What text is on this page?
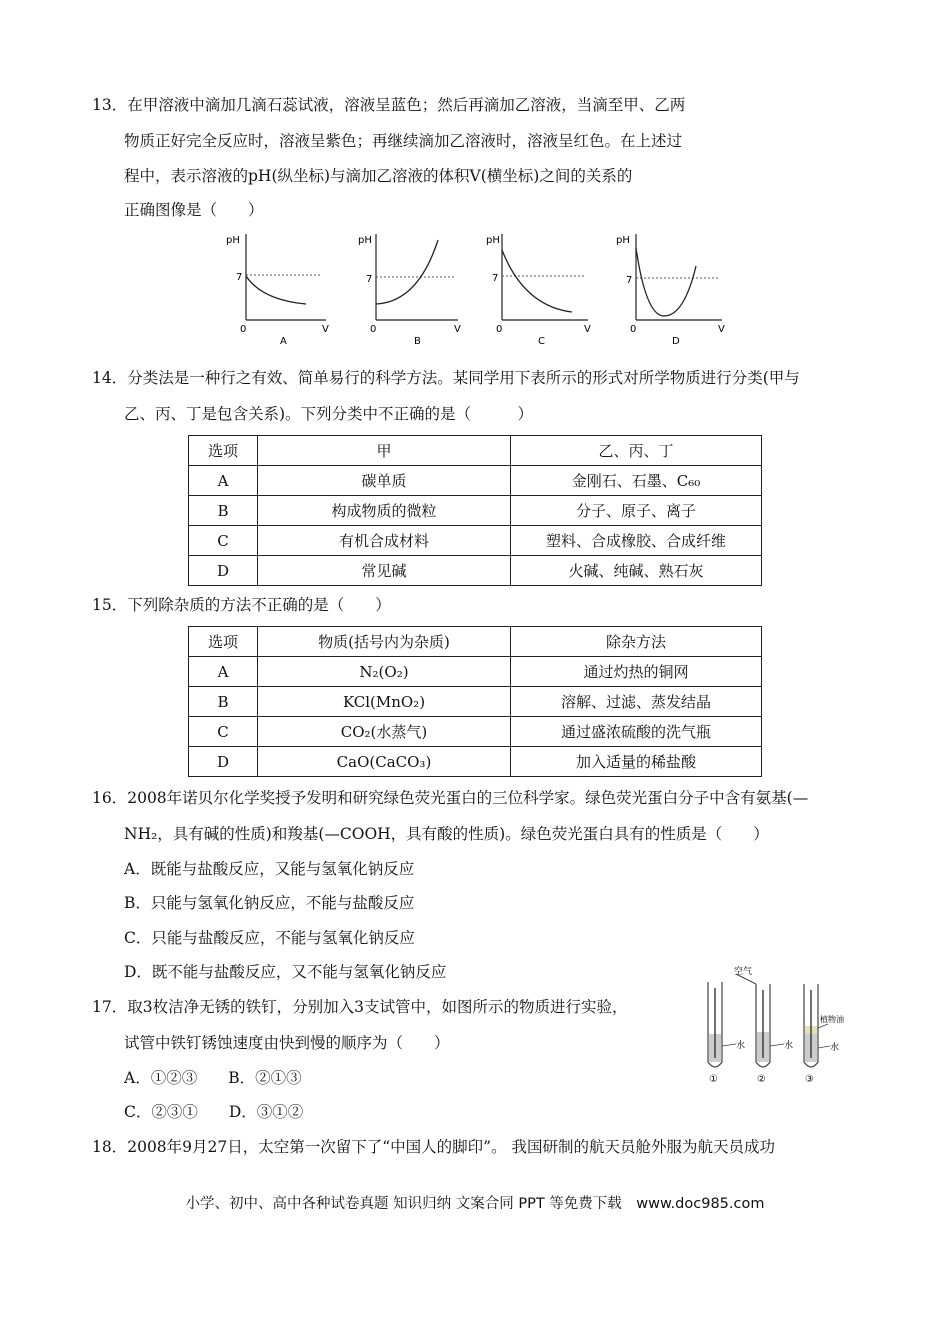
13．在甲溶液中滴加几滴石蕊试液，溶液呈蓝色；然后再滴加乙溶液，当滴至甲、乙两
物质正好完全反应时，溶液呈紫色；再继续滴加乙溶液时，溶液呈红色。在上述过
程中，表示溶液的pH(纵坐标)与滴加乙溶液的体积V(横坐标)之间的关系的
正确图像是（　　）
pH
7
0	V
A
pH
7
0	V
B
pH
7
0	V
C
pH
7
0	V
D
14．分类法是一种行之有效、简单易行的科学方法。某同学用下表所示的形式对所学物质进行分类(甲与
乙、丙、丁是包含关系)。下列分类中不正确的是（　　　）
选项	甲	乙、丙、丁
A	碳单质	金刚石、石墨、C₆₀
B	构成物质的微粒	分子、原子、离子
C	有机合成材料	塑料、合成橡胶、合成纤维
D	常见碱	火碱、纯碱、熟石灰
15．下列除杂质的方法不正确的是（　　）
选项	物质(括号内为杂质)	除杂方法
A	N₂(O₂)	通过灼热的铜网
B	KCl(MnO₂)	溶解、过滤、蒸发结晶
C	CO₂(水蒸气)	通过盛浓硫酸的洗气瓶
D	CaO(CaCO₃)	加入适量的稀盐酸
16．2008年诺贝尔化学奖授予发明和研究绿色荧光蛋白的三位科学家。绿色荧光蛋白分子中含有氨基(—
NH₂，具有碱的性质)和羧基(—COOH，具有酸的性质)。绿色荧光蛋白具有的性质是（　　）
A．既能与盐酸反应，又能与氢氧化钠反应
B．只能与氢氧化钠反应，不能与盐酸反应
C．只能与盐酸反应，不能与氢氧化钠反应
D．既不能与盐酸反应，又不能与氢氧化钠反应
17．取3枚洁净无锈的铁钉，分别加入3支试管中，如图所示的物质进行实验，
试管中铁钉锈蚀速度由快到慢的顺序为（　　）
A．①②③　　B．②①③
C．②③①　　D．③①②
水
①
空气
水
②
植物油
水
③
18．2008年9月27日，太空第一次留下了“中国人的脚印”。 我国研制的航天员舱外服为航天员成功
小学、初中、高中各种试卷真题 知识归纳 文案合同 PPT 等免费下载　www.doc985.com
